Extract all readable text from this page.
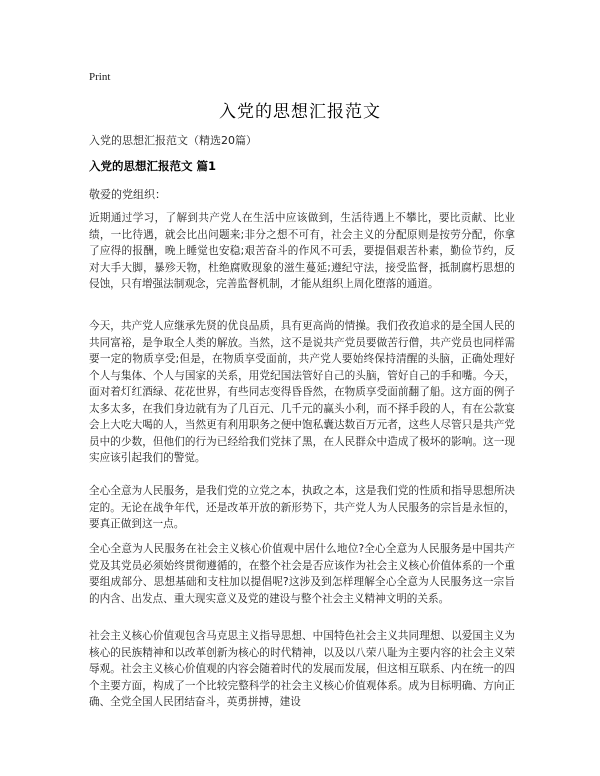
Print
入党的思想汇报范文
入党的思想汇报范文（精选20篇）
入党的思想汇报范文 篇1
敬爱的党组织：

近期通过学习，了解到共产党人在生活中应该做到，生活待遇上不攀比，要比贡献、比业绩，一比待遇，就会比出问题来;非分之想不可有，社会主义的分配原则是按劳分配，你拿了应得的报酬，晚上睡觉也安稳;艰苦奋斗的作风不可丢，要提倡艰苦朴素，勤俭节约，反对大手大脚，暴殄天物，杜绝腐败现象的滋生蔓延;遵纪守法，接受监督，抵制腐朽思想的侵蚀，只有增强法制观念，完善监督机制，才能从组织上周化堕落的通道。

今天，共产党人应继承先贤的优良品质，具有更高尚的情操。我们孜孜追求的是全国人民的共同富裕，是争取全人类的解放。当然，这不是说共产党员要做苦行僧，共产党员也同样需要一定的物质享受;但是，在物质享受面前，共产党人要始终保持清醒的头脑，正确处理好个人与集体、个人与国家的关系，用党纪国法管好自己的头脑，管好自己的手和嘴。今天，面对着灯红酒绿、花花世界，有些同志变得昏昏然，在物质享受面前翻了船。这方面的例子太多太多，在我们身边就有为了几百元、几千元的赢头小利，而不择手段的人，有在公款宴会上大吃大喝的人，当然更有利用职务之便中饱私囊达数百万元者，这些人尽管只是共产党员中的少数，但他们的行为已经给我们党抹了黑，在人民群众中造成了极坏的影响。这一现实应该引起我们的警觉。

全心全意为人民服务，是我们党的立党之本，执政之本，这是我们党的性质和指导思想所决定的。无论在战争年代，还是改革开放的新形势下，共产党人为人民服务的宗旨是永恒的，要真正做到这一点。

全心全意为人民服务在社会主义核心价值观中居什么地位?全心全意为人民服务是中国共产党及其党员必须始终贯彻遵循的，在整个社会是否应该作为社会主义核心价值体系的一个重要组成部分、思想基础和支柱加以提倡呢?这涉及到怎样理解全心全意为人民服务这一宗旨的内含、出发点、重大现实意义及党的建设与整个社会主义精神文明的关系。

社会主义核心价值观包含马克思主义指导思想、中国特色社会主义共同理想、以爱国主义为核心的民族精神和以改革创新为核心的时代精神，以及以八荣八耻为主要内容的社会主义荣辱观。社会主义核心价值观的内容会随着时代的发展而发展，但这相互联系、内在统一的四个主要方面，构成了一个比较完整科学的社会主义核心价值观体系。成为目标明确、方向正确、全党全国人民团结奋斗，英勇拼搏，建设
